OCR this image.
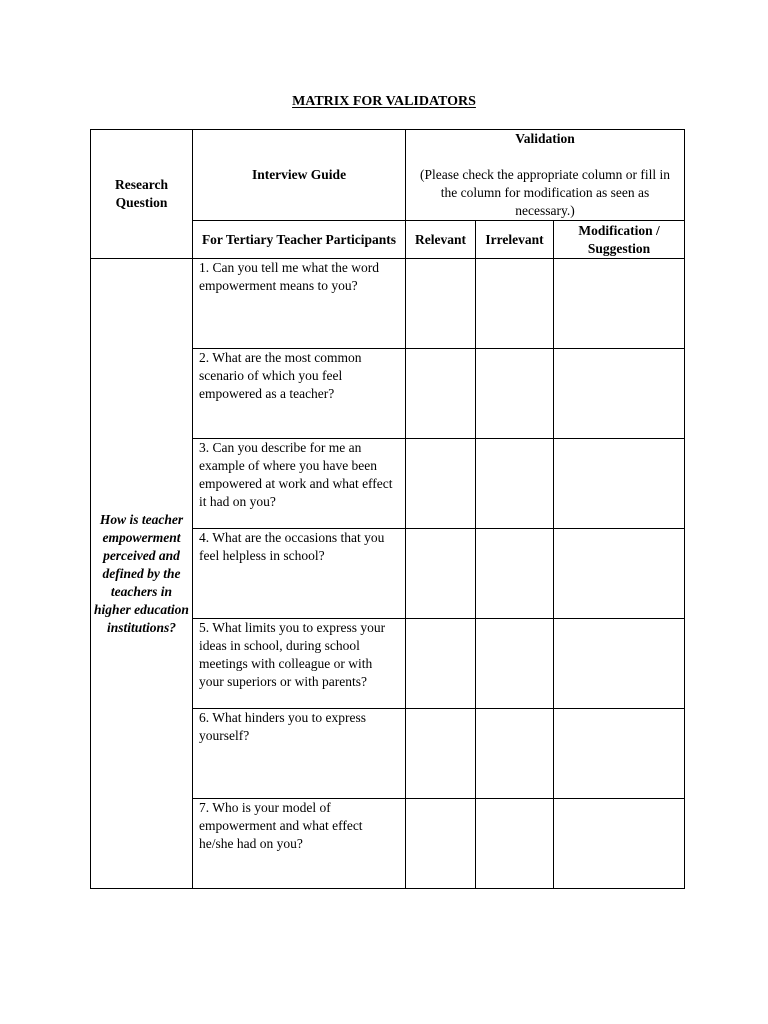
MATRIX FOR VALIDATORS
Research Question	Interview Guide	Validation
(Please check the appropriate column or fill in the column for modification as seen as necessary.)		

	For Tertiary Teacher Participants	Relevant	Irrelevant	Modification / Suggestion
How is teacher empowerment perceived and defined by the teachers in higher education institutions?	1. Can you tell me what the word empowerment means to you?			
	2. What are the most common scenario of which you feel empowered as a teacher?			
	3. Can you describe for me an example of where you have been empowered at work and what effect it had on you?			
	4. What are the occasions that you feel helpless in school?			
	5. What limits you to express your ideas in school, during school meetings with colleague or with your superiors or with parents?			
	6. What hinders you to express yourself?			
	7. Who is your model of empowerment and what effect he/she had on you?			
